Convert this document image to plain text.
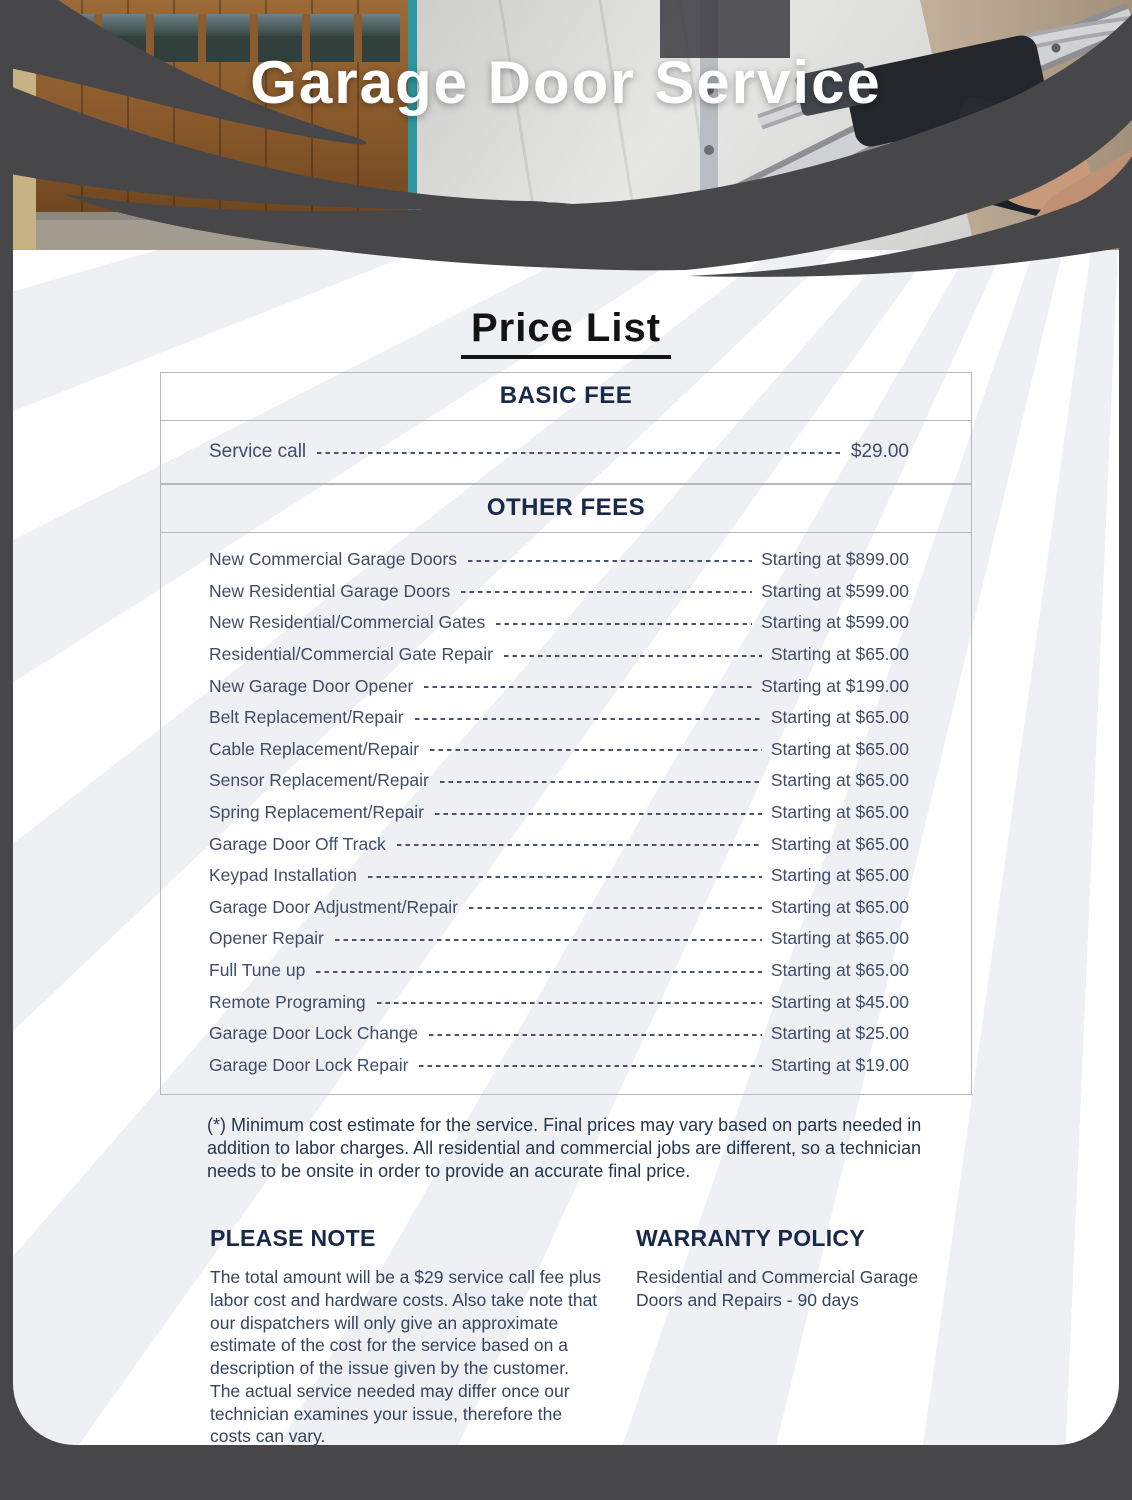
Garage Door Service
Price List
BASIC FEE
Service call	$29.00
OTHER FEES
New Commercial Garage Doors	Starting at $899.00
New Residential Garage Doors	Starting at $599.00
New Residential/Commercial Gates	Starting at $599.00
Residential/Commercial Gate Repair	Starting at $65.00
New Garage Door Opener	Starting at $199.00
Belt Replacement/Repair	Starting at $65.00
Cable Replacement/Repair	Starting at $65.00
Sensor Replacement/Repair	Starting at $65.00
Spring Replacement/Repair	Starting at $65.00
Garage Door Off Track	Starting at $65.00
Keypad Installation	Starting at $65.00
Garage Door Adjustment/Repair	Starting at $65.00
Opener Repair	Starting at $65.00
Full Tune up	Starting at $65.00
Remote Programing	Starting at $45.00
Garage Door Lock Change	Starting at $25.00
Garage Door Lock Repair	Starting at $19.00
(*) Minimum cost estimate for the service. Final prices may vary based on parts needed in addition to labor charges. All residential and commercial jobs are different, so a technician needs to be onsite in order to provide an accurate final price.
PLEASE NOTE
The total amount will be a $29 service call fee plus labor cost and hardware costs. Also take note that our dispatchers will only give an approximate estimate of the cost for the service based on a description of the issue given by the customer. The actual service needed may differ once our technician examines your issue, therefore the costs can vary.
WARRANTY POLICY
Residential and Commercial Garage Doors and Repairs - 90 days
